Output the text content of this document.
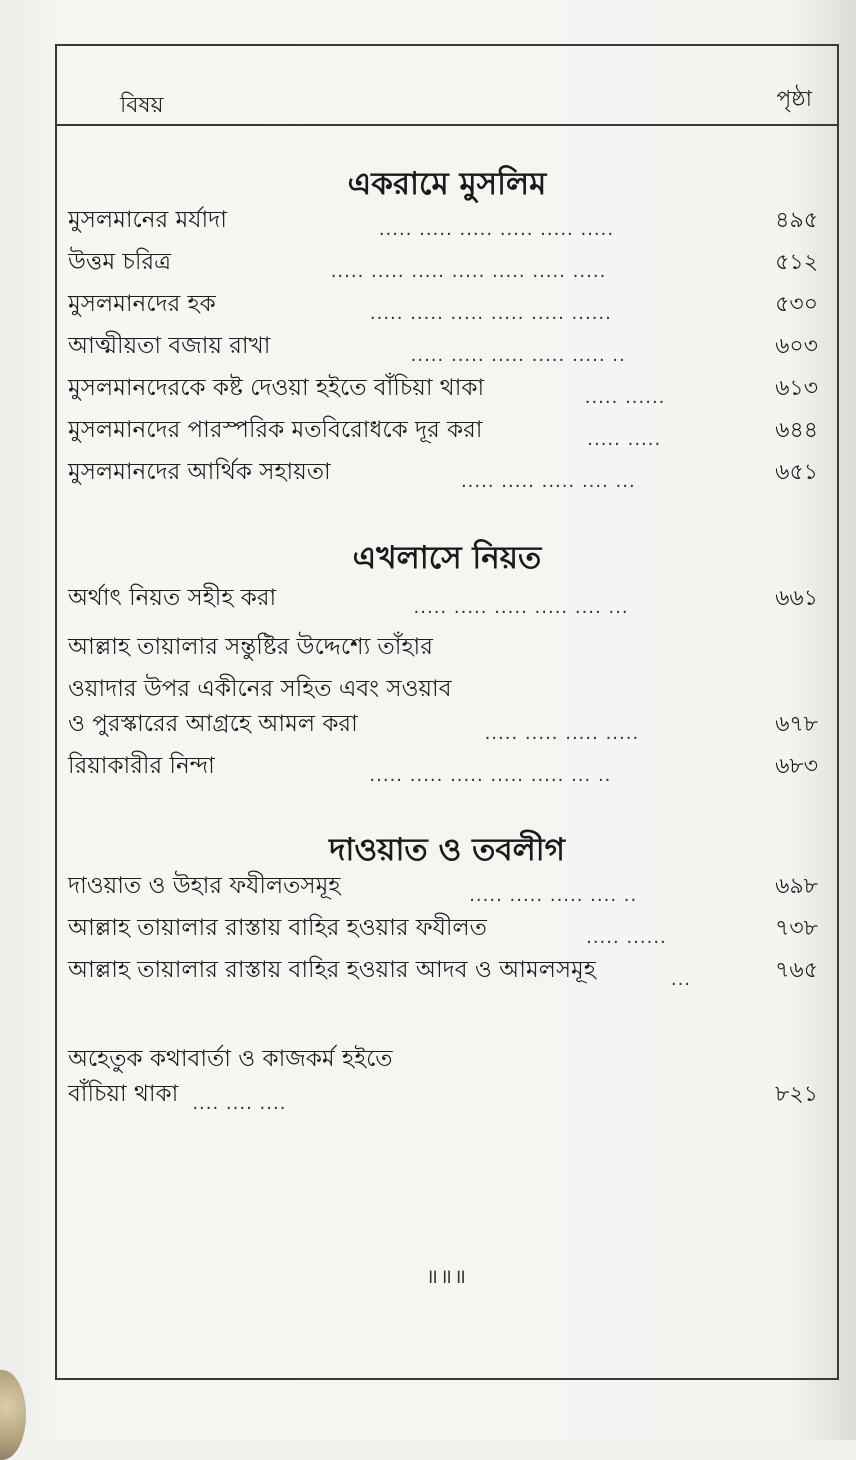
বিষয়	পৃষ্ঠা
একরামে মুসলিম
মুসলমানের মর্যাদা	..... ..... ..... ..... ..... .....	৪৯৫
উত্তম চরিত্র	..... ..... ..... ..... ..... ..... .....	৫১২
মুসলমানদের হক	..... ..... ..... ..... ..... ......	৫৩০
আত্মীয়তা বজায় রাখা	..... ..... ..... ..... ..... ..	৬০৩
মুসলমানদেরকে কষ্ট দেওয়া হইতে বাঁচিয়া থাকা	..... ......	৬১৩
মুসলমানদের পারস্পরিক মতবিরোধকে দূর করা	..... .....	৬৪৪
মুসলমানদের আর্থিক সহায়তা	..... ..... ..... .... ...	৬৫১
এখলাসে নিয়ত
অর্থাৎ নিয়ত সহীহ করা	..... ..... ..... ..... .... ...	৬৬১
আল্লাহ তায়ালার সন্তুষ্টির উদ্দেশ্যে তাঁহার
ওয়াদার উপর একীনের সহিত এবং সওয়াব
ও পুরস্কারের আগ্রহে আমল করা	..... ..... ..... .....	৬৭৮
রিয়াকারীর নিন্দা	..... ..... ..... ..... ..... ... ..	৬৮৩
দাওয়াত ও তবলীগ
দাওয়াত ও উহার ফযীলতসমূহ	..... ..... ..... .... ..	৬৯৮
আল্লাহ তায়ালার রাস্তায় বাহির হওয়ার ফযীলত	..... ......	৭৩৮
আল্লাহ তায়ালার রাস্তায় বাহির হওয়ার আদব ও আমলসমূহ	...	৭৬৫
অহেতুক কথাবার্তা ও কাজকর্ম হইতে
বাঁচিয়া থাকা .... .... ....	৮২১
॥॥॥
